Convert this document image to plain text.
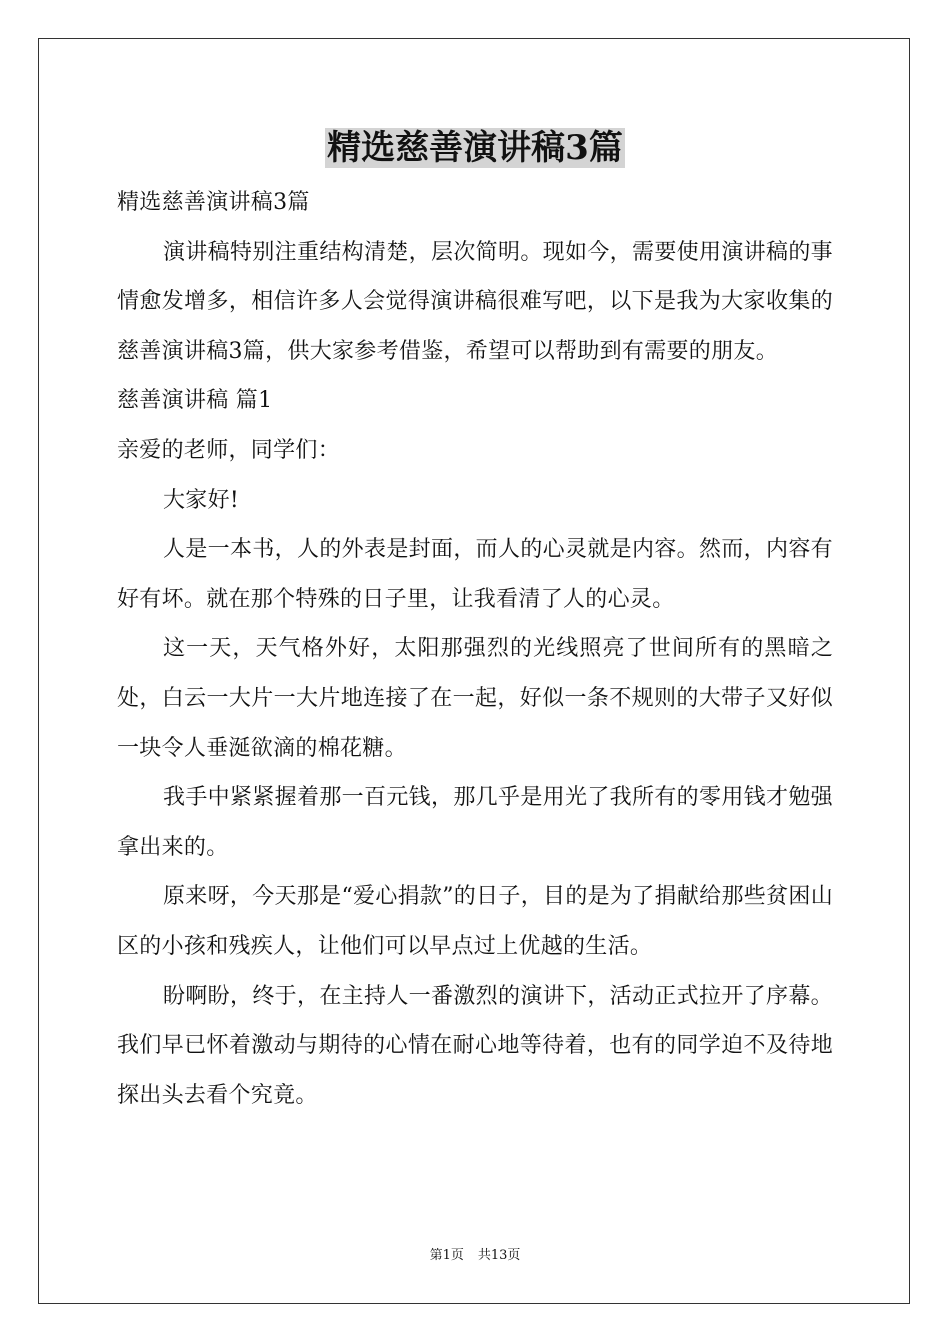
精选慈善演讲稿3篇

精选慈善演讲稿3篇

演讲稿特别注重结构清楚，层次简明。现如今，需要使用演讲稿的事情愈发增多，相信许多人会觉得演讲稿很难写吧，以下是我为大家收集的慈善演讲稿3篇，供大家参考借鉴，希望可以帮助到有需要的朋友。

慈善演讲稿 篇1

亲爱的老师，同学们：

大家好!

人是一本书，人的外表是封面，而人的心灵就是内容。然而，内容有好有坏。就在那个特殊的日子里，让我看清了人的心灵。

这一天，天气格外好，太阳那强烈的光线照亮了世间所有的黑暗之处，白云一大片一大片地连接了在一起，好似一条不规则的大带子又好似一块令人垂涎欲滴的棉花糖。

我手中紧紧握着那一百元钱，那几乎是用光了我所有的零用钱才勉强拿出来的。

原来呀，今天那是“爱心捐款”的日子，目的是为了捐献给那些贫困山区的小孩和残疾人，让他们可以早点过上优越的生活。

盼啊盼，终于，在主持人一番激烈的演讲下，活动正式拉开了序幕。我们早已怀着激动与期待的心情在耐心地等待着，也有的同学迫不及待地探出头去看个究竟。

第1页 共13页
